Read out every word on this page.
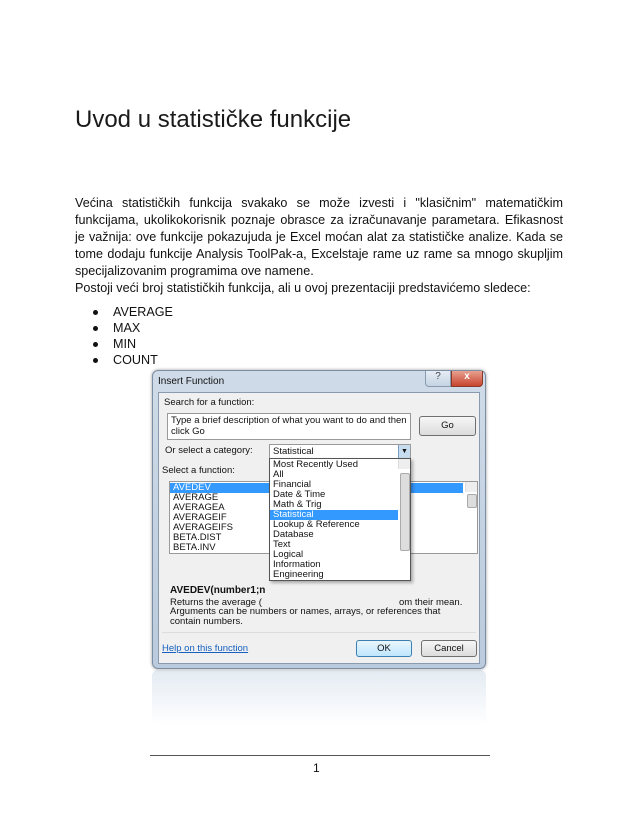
Uvod u statističke funkcije

Većina statističkih funkcija svakako se može izvesti i "klasičnim" matematičkim funkcijama, ukolikokorisnik poznaje obrasce za izračunavanje parametara. Efikasnost je važnija: ove funkcije pokazujuda je Excel moćan alat za statističke analize. Kada se tome dodaju funkcije Analysis ToolPak-a, Excelstaje rame uz rame sa mnogo skupljim specijalizovanim programima ove namene.

Postoji veći broj statističkih funkcija, ali u ovoj prezentaciji predstavićemo sledece:
AVERAGE
MAX
MIN
COUNT
Insert Function	?	x
Search for a function:
Type a brief description of what you want to do and then click Go	Go
Or select a category:	Statistical	▼
Select a function:
AVEDEV
AVERAGE
AVERAGEA
AVERAGEIF
AVERAGEIFS
BETA.DIST
BETA.INV
AVEDEV(number1;n
Returns the average (	om their mean.
Arguments can be numbers or names, arrays, or references that contain numbers.
Help on this function	OK	Cancel
Most Recently Used
All
Financial
Date & Time
Math & Trig
Statistical
Lookup & Reference
Database
Text
Logical
Information
Engineering
1
